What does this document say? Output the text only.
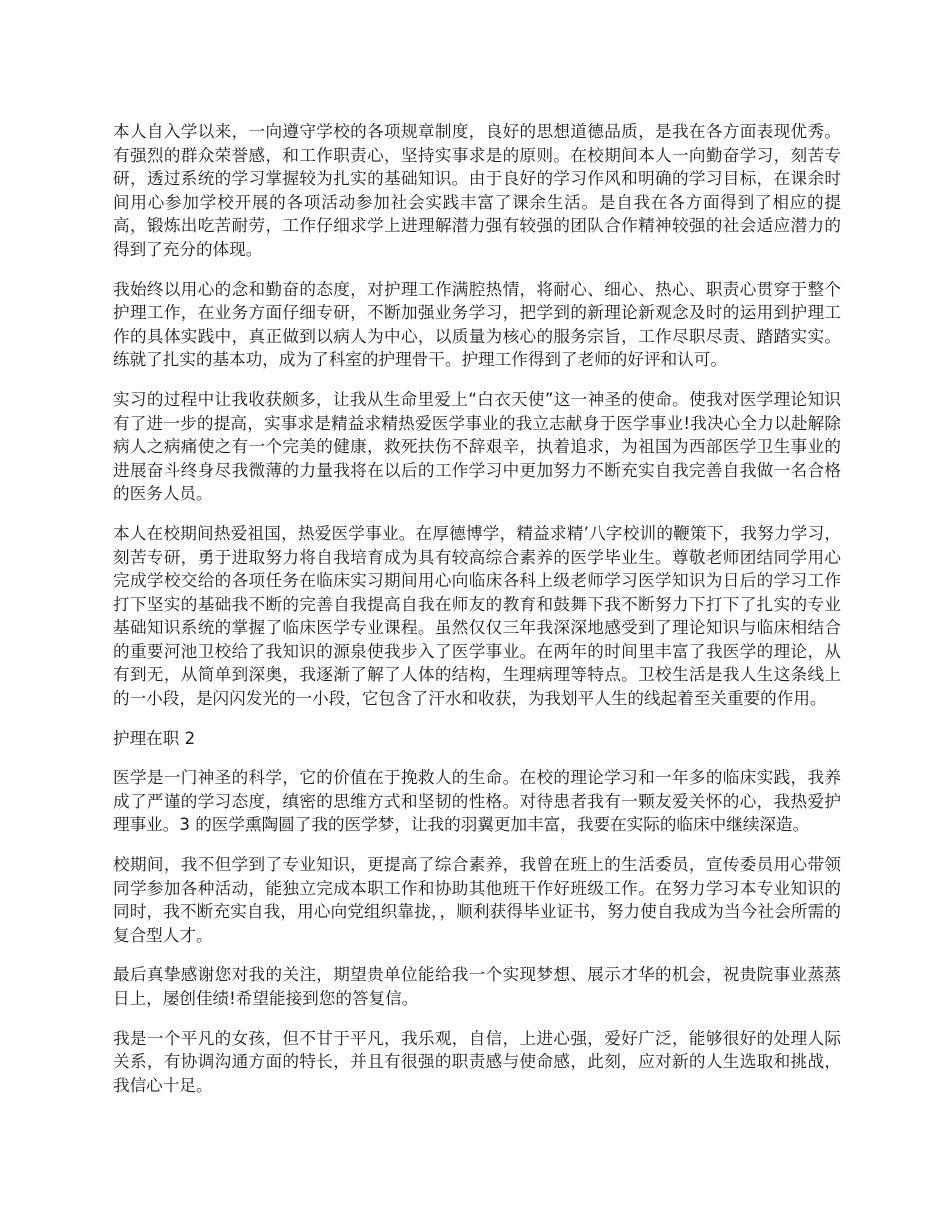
本人自入学以来，一向遵守学校的各项规章制度，良好的思想道德品质，是我在各方面表现优秀。有强烈的群众荣誉感，和工作职责心，坚持实事求是的原则。在校期间本人一向勤奋学习，刻苦专研，透过系统的学习掌握较为扎实的基础知识。由于良好的学习作风和明确的学习目标，在课余时间用心参加学校开展的各项活动参加社会实践丰富了课余生活。是自我在各方面得到了相应的提高，锻炼出吃苦耐劳，工作仔细求学上进理解潜力强有较强的团队合作精神较强的社会适应潜力的得到了充分的体现。

我始终以用心的念和勤奋的态度，对护理工作满腔热情，将耐心、细心、热心、职责心贯穿于整个护理工作，在业务方面仔细专研，不断加强业务学习，把学到的新理论新观念及时的运用到护理工作的具体实践中，真正做到以病人为中心，以质量为核心的服务宗旨，工作尽职尽责、踏踏实实。练就了扎实的基本功，成为了科室的护理骨干。护理工作得到了老师的好评和认可。

实习的过程中让我收获颇多，让我从生命里爱上“白衣天使”这一神圣的使命。使我对医学理论知识有了进一步的提高，实事求是精益求精热爱医学事业的我立志献身于医学事业!我决心全力以赴解除病人之病痛使之有一个完美的健康，救死扶伤不辞艰辛，执着追求，为祖国为西部医学卫生事业的进展奋斗终身尽我微薄的力量我将在以后的工作学习中更加努力不断充实自我完善自我做一名合格的医务人员。

本人在校期间热爱祖国，热爱医学事业。在厚德博学，精益求精’八字校训的鞭策下，我努力学习，刻苦专研，勇于进取努力将自我培育成为具有较高综合素养的医学毕业生。尊敬老师团结同学用心完成学校交给的各项任务在临床实习期间用心向临床各科上级老师学习医学知识为日后的学习工作打下坚实的基础我不断的完善自我提高自我在师友的教育和鼓舞下我不断努力下打下了扎实的专业基础知识系统的掌握了临床医学专业课程。虽然仅仅三年我深深地感受到了理论知识与临床相结合的重要河池卫校给了我知识的源泉使我步入了医学事业。在两年的时间里丰富了我医学的理论，从有到无，从简单到深奥，我逐渐了解了人体的结构，生理病理等特点。卫校生活是我人生这条线上的一小段，是闪闪发光的一小段，它包含了汗水和收获，为我划平人生的线起着至关重要的作用。

护理在职 2

医学是一门神圣的科学，它的价值在于挽救人的生命。在校的理论学习和一年多的临床实践，我养成了严谨的学习态度，缜密的思维方式和坚韧的性格。对待患者我有一颗友爱关怀的心，我热爱护理事业。3 的医学熏陶圆了我的医学梦，让我的羽翼更加丰富，我要在实际的临床中继续深造。

校期间，我不但学到了专业知识，更提高了综合素养，我曾在班上的生活委员，宣传委员用心带领同学参加各种活动，能独立完成本职工作和协助其他班干作好班级工作。在努力学习本专业知识的同时，我不断充实自我，用心向党组织靠拢，，顺利获得毕业证书，努力使自我成为当今社会所需的复合型人才。

最后真挚感谢您对我的关注，期望贵单位能给我一个实现梦想、展示才华的机会，祝贵院事业蒸蒸日上，屡创佳绩!希望能接到您的答复信。

我是一个平凡的女孩，但不甘于平凡，我乐观，自信，上进心强，爱好广泛，能够很好的处理人际关系，有协调沟通方面的特长，并且有很强的职责感与使命感，此刻，应对新的人生选取和挑战，我信心十足。
